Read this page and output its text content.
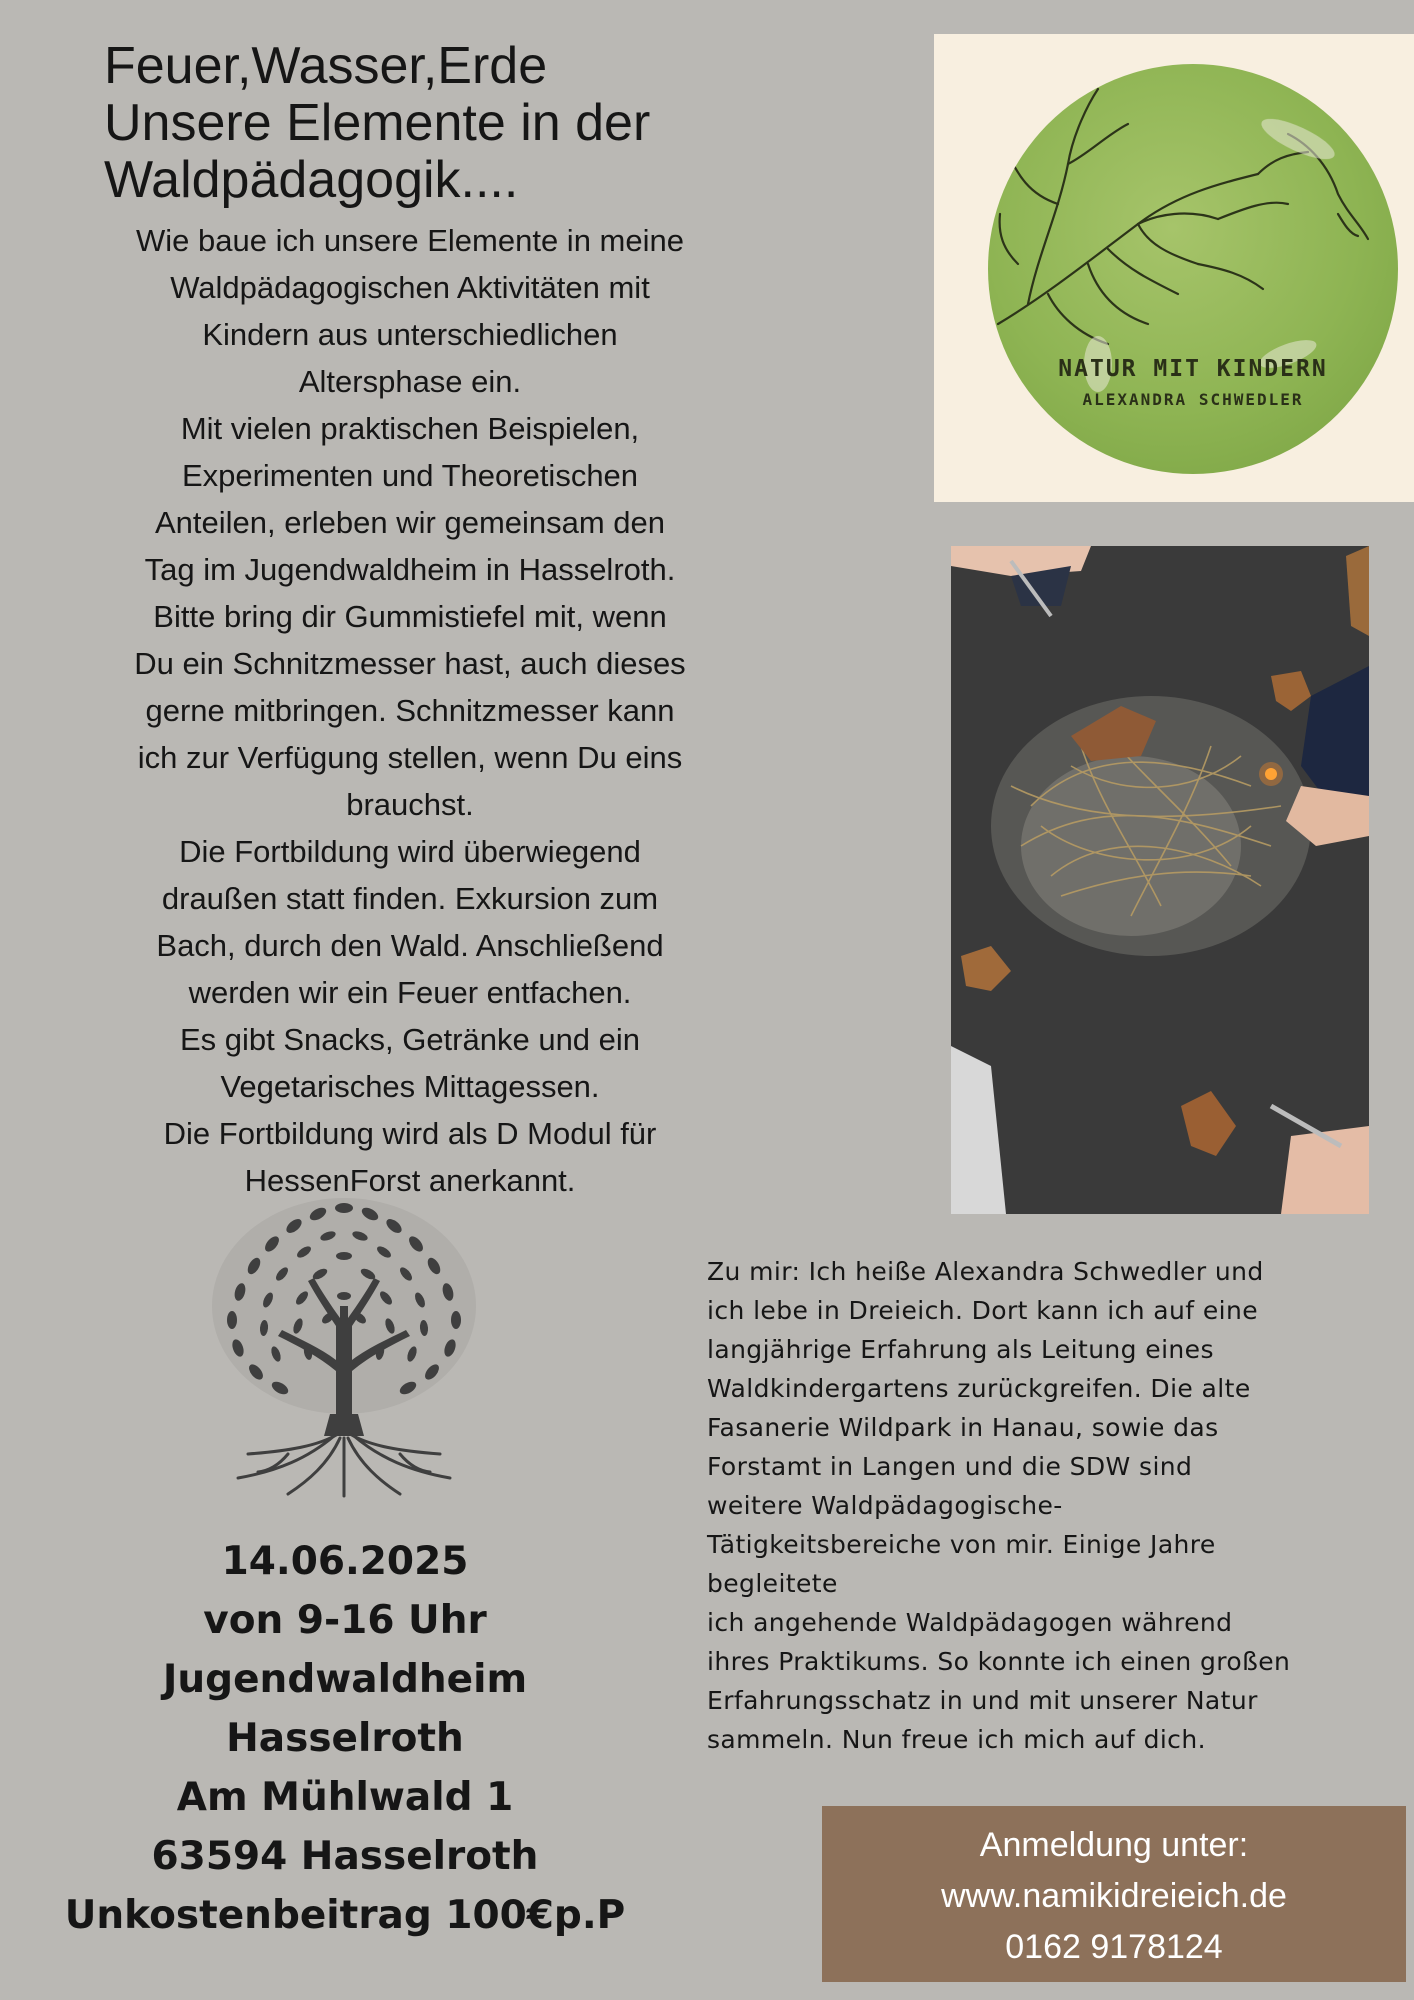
Feuer,Wasser,Erde
Unsere Elemente in der
Waldpädagogik....
Wie baue ich unsere Elemente in meine
Waldpädagogischen Aktivitäten mit
Kindern aus unterschiedlichen
Altersphase ein.
Mit vielen praktischen Beispielen,
Experimenten und Theoretischen
Anteilen, erleben wir gemeinsam den
Tag im Jugendwaldheim in Hasselroth.
Bitte bring dir Gummistiefel mit, wenn
Du ein Schnitzmesser hast, auch dieses
gerne mitbringen. Schnitzmesser kann
ich zur Verfügung stellen, wenn Du eins
brauchst.
Die Fortbildung wird überwiegend
draußen statt finden. Exkursion zum
Bach, durch den Wald. Anschließend
werden wir ein Feuer entfachen.
Es gibt Snacks, Getränke und ein
Vegetarisches Mittagessen.
Die Fortbildung wird als D Modul für
HessenForst anerkannt.
NATUR MIT KINDERN
ALEXANDRA SCHWEDLER
14.06.2025
von 9-16 Uhr
Jugendwaldheim
Hasselroth
Am Mühlwald 1
63594 Hasselroth
Unkostenbeitrag 100€p.P
Zu mir: Ich heiße Alexandra Schwedler und
ich lebe in Dreieich. Dort kann ich auf eine
langjährige Erfahrung als Leitung eines
Waldkindergartens zurückgreifen. Die alte
Fasanerie Wildpark in Hanau, sowie das
Forstamt in Langen und die SDW sind
weitere Waldpädagogische-
Tätigkeitsbereiche von mir. Einige Jahre
begleitete
ich angehende Waldpädagogen während
ihres Praktikums. So konnte ich einen großen
Erfahrungsschatz in und mit unserer Natur
sammeln. Nun freue ich mich auf dich.
Anmeldung unter:
www.namikidreieich.de
0162 9178124
